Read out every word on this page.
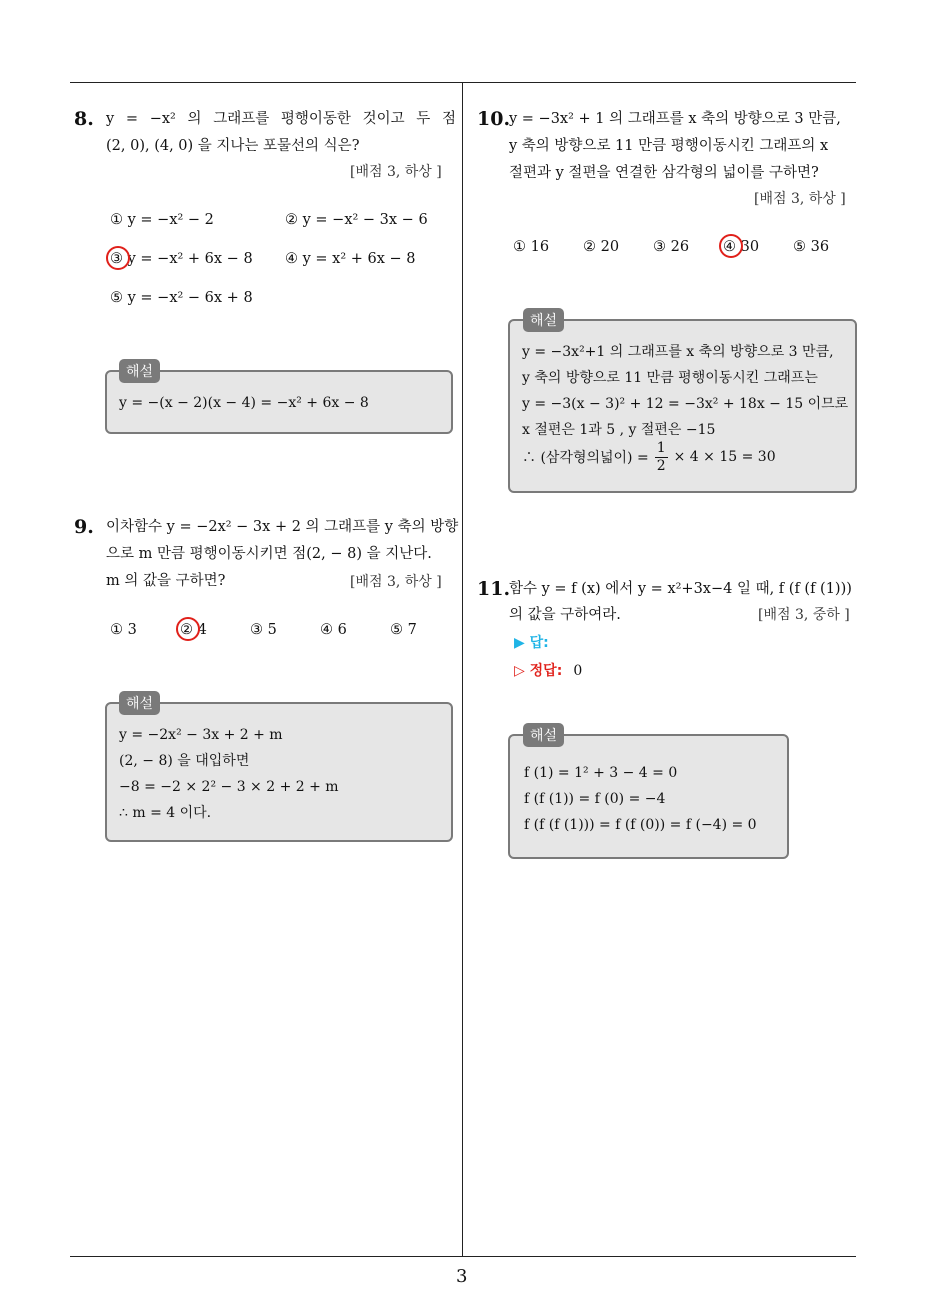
3
8. y = −x² 의 그래프를 평행이동한 것이고 두 점
(2, 0), (4, 0) 을 지나는 포물선의 식은?
[배점 3, 하상 ]
① y = −x² − 2	② y = −x² − 3x − 6
③ y = −x² + 6x − 8 ④ y = x² + 6x − 8
⑤ y = −x² − 6x + 8
y = −(x − 2)(x − 4) = −x² + 6x − 8
해설
9. 이차함수 y = −2x² − 3x + 2 의 그래프를 y 축의 방향
으로 m 만큼 평행이동시키면 점(2, − 8) 을 지난다.
m 의 값을 구하면?	[배점 3, 하상 ]
① 3	② 4	③ 5	④ 6	⑤ 7
y = −2x² − 3x + 2 + m
(2, − 8) 을 대입하면
−8 = −2 × 2² − 3 × 2 + 2 + m
∴ m = 4 이다.
해설
10.
y = −3x² + 1 의 그래프를 x 축의 방향으로 3 만큼,
y 축의 방향으로 11 만큼 평행이동시킨 그래프의 x
절편과 y 절편을 연결한 삼각형의 넓이를 구하면?
[배점 3, 하상 ]
① 16 ② 20 ③ 26 ④ 30 ⑤ 36
y = −3x²+1 의 그래프를 x 축의 방향으로 3 만큼,
y 축의 방향으로 11 만큼 평행이동시킨 그래프는
y = −3(x − 3)² + 12 = −3x² + 18x − 15 이므로
x 절편은 1과 5 , y 절편은 −15
∴ (삼각형의넓이) = $\frac{1}{2} \times 4 \times 15 = 30$
해설
11.
함수 y = f (x) 에서 y = x²+3x−4 일 때, f (f (f (1)))
의 값을 구하여라.	[배점 3, 중하 ]
▶ 답:
▷ 정답: 0
f (1) = 1² + 3 − 4 = 0
f (f (1)) = f (0) = −4
f (f (f (1))) = f (f (0)) = f (−4) = 0
해설
